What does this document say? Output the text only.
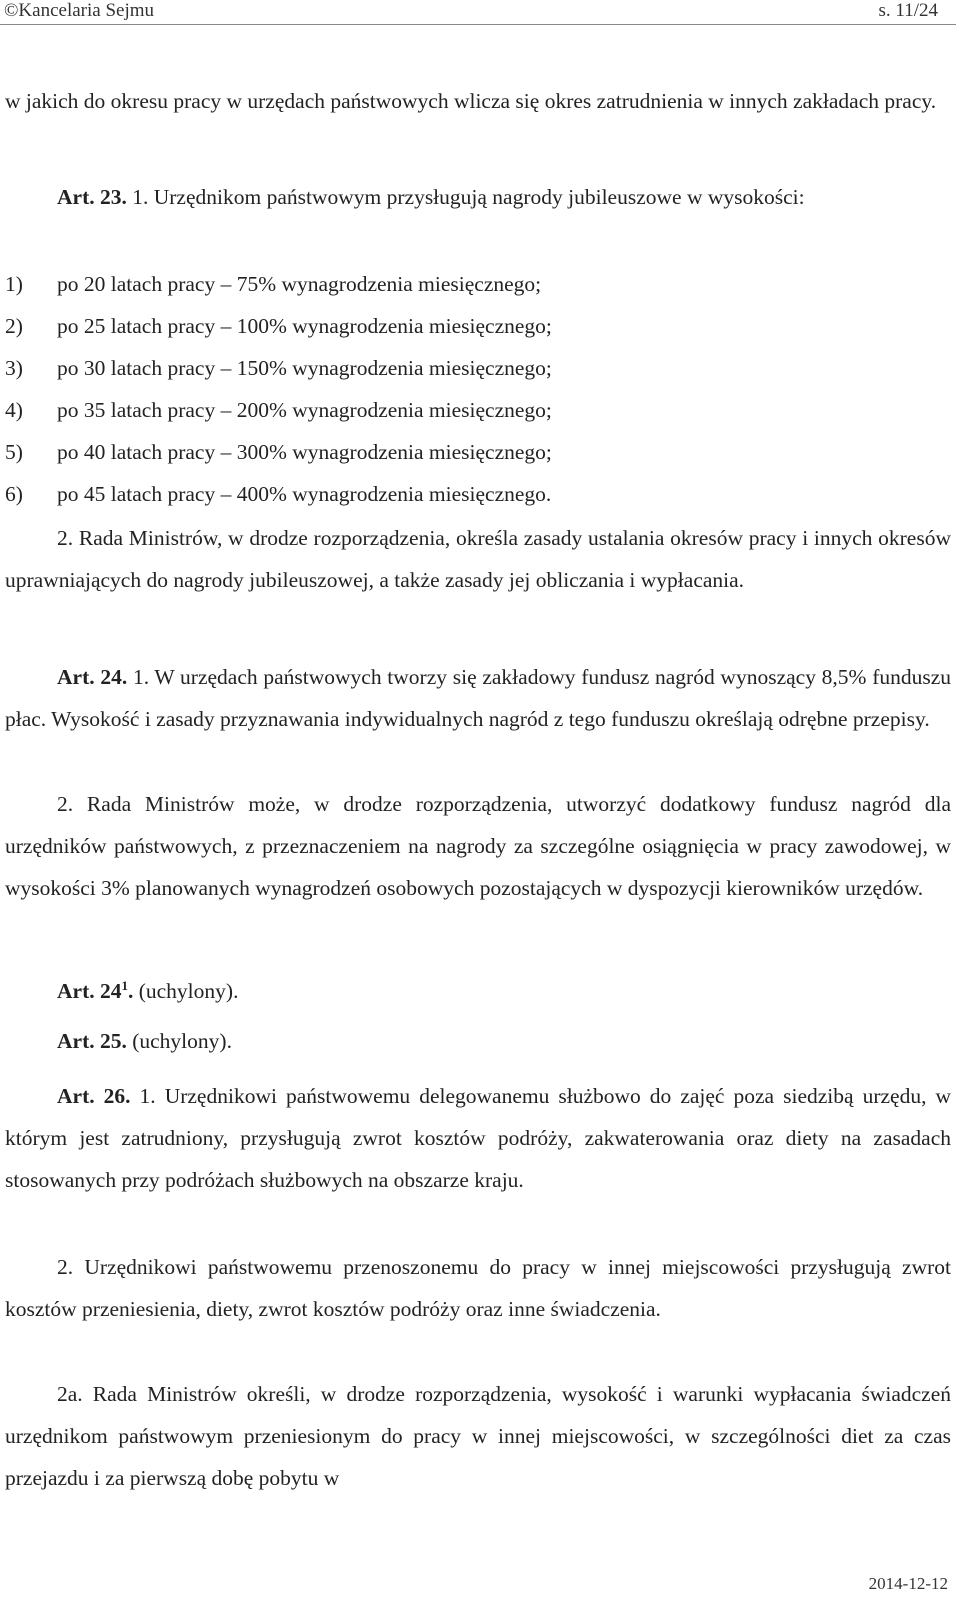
©Kancelaria Sejmu	s. 11/24

w jakich do okresu pracy w urzędach państwowych wlicza się okres zatrudnienia w innych zakładach pracy.

Art. 23. 1. Urzędnikom państwowym przysługują nagrody jubileuszowe w wysokości:

1) po 20 latach pracy – 75% wynagrodzenia miesięcznego;
2) po 25 latach pracy – 100% wynagrodzenia miesięcznego;
3) po 30 latach pracy – 150% wynagrodzenia miesięcznego;
4) po 35 latach pracy – 200% wynagrodzenia miesięcznego;
5) po 40 latach pracy – 300% wynagrodzenia miesięcznego;
6) po 45 latach pracy – 400% wynagrodzenia miesięcznego.

2. Rada Ministrów, w drodze rozporządzenia, określa zasady ustalania okresów pracy i innych okresów uprawniających do nagrody jubileuszowej, a także zasady jej obliczania i wypłacania.

Art. 24. 1. W urzędach państwowych tworzy się zakładowy fundusz nagród wynoszący 8,5% funduszu płac. Wysokość i zasady przyznawania indywidualnych nagród z tego funduszu określają odrębne przepisy.

2. Rada Ministrów może, w drodze rozporządzenia, utworzyć dodatkowy fundusz nagród dla urzędników państwowych, z przeznaczeniem na nagrody za szczególne osiągnięcia w pracy zawodowej, w wysokości 3% planowanych wynagrodzeń osobowych pozostających w dyspozycji kierowników urzędów.

Art. $24^1$. (uchylony).
Art. 25. (uchylony).

Art. 26. 1. Urzędnikowi państwowemu delegowanemu służbowo do zajęć poza siedzibą urzędu, w którym jest zatrudniony, przysługują zwrot kosztów podróży, zakwaterowania oraz diety na zasadach stosowanych przy podróżach służbowych na obszarze kraju.

2. Urzędnikowi państwowemu przenoszonemu do pracy w innej miejscowości przysługują zwrot kosztów przeniesienia, diety, zwrot kosztów podróży oraz inne świadczenia.

2a. Rada Ministrów określi, w drodze rozporządzenia, wysokość i warunki wypłacania świadczeń urzędnikom państwowym przeniesionym do pracy w innej miejscowości, w szczególności diet za czas przejazdu i za pierwszą dobę pobytu w

2014-12-12
